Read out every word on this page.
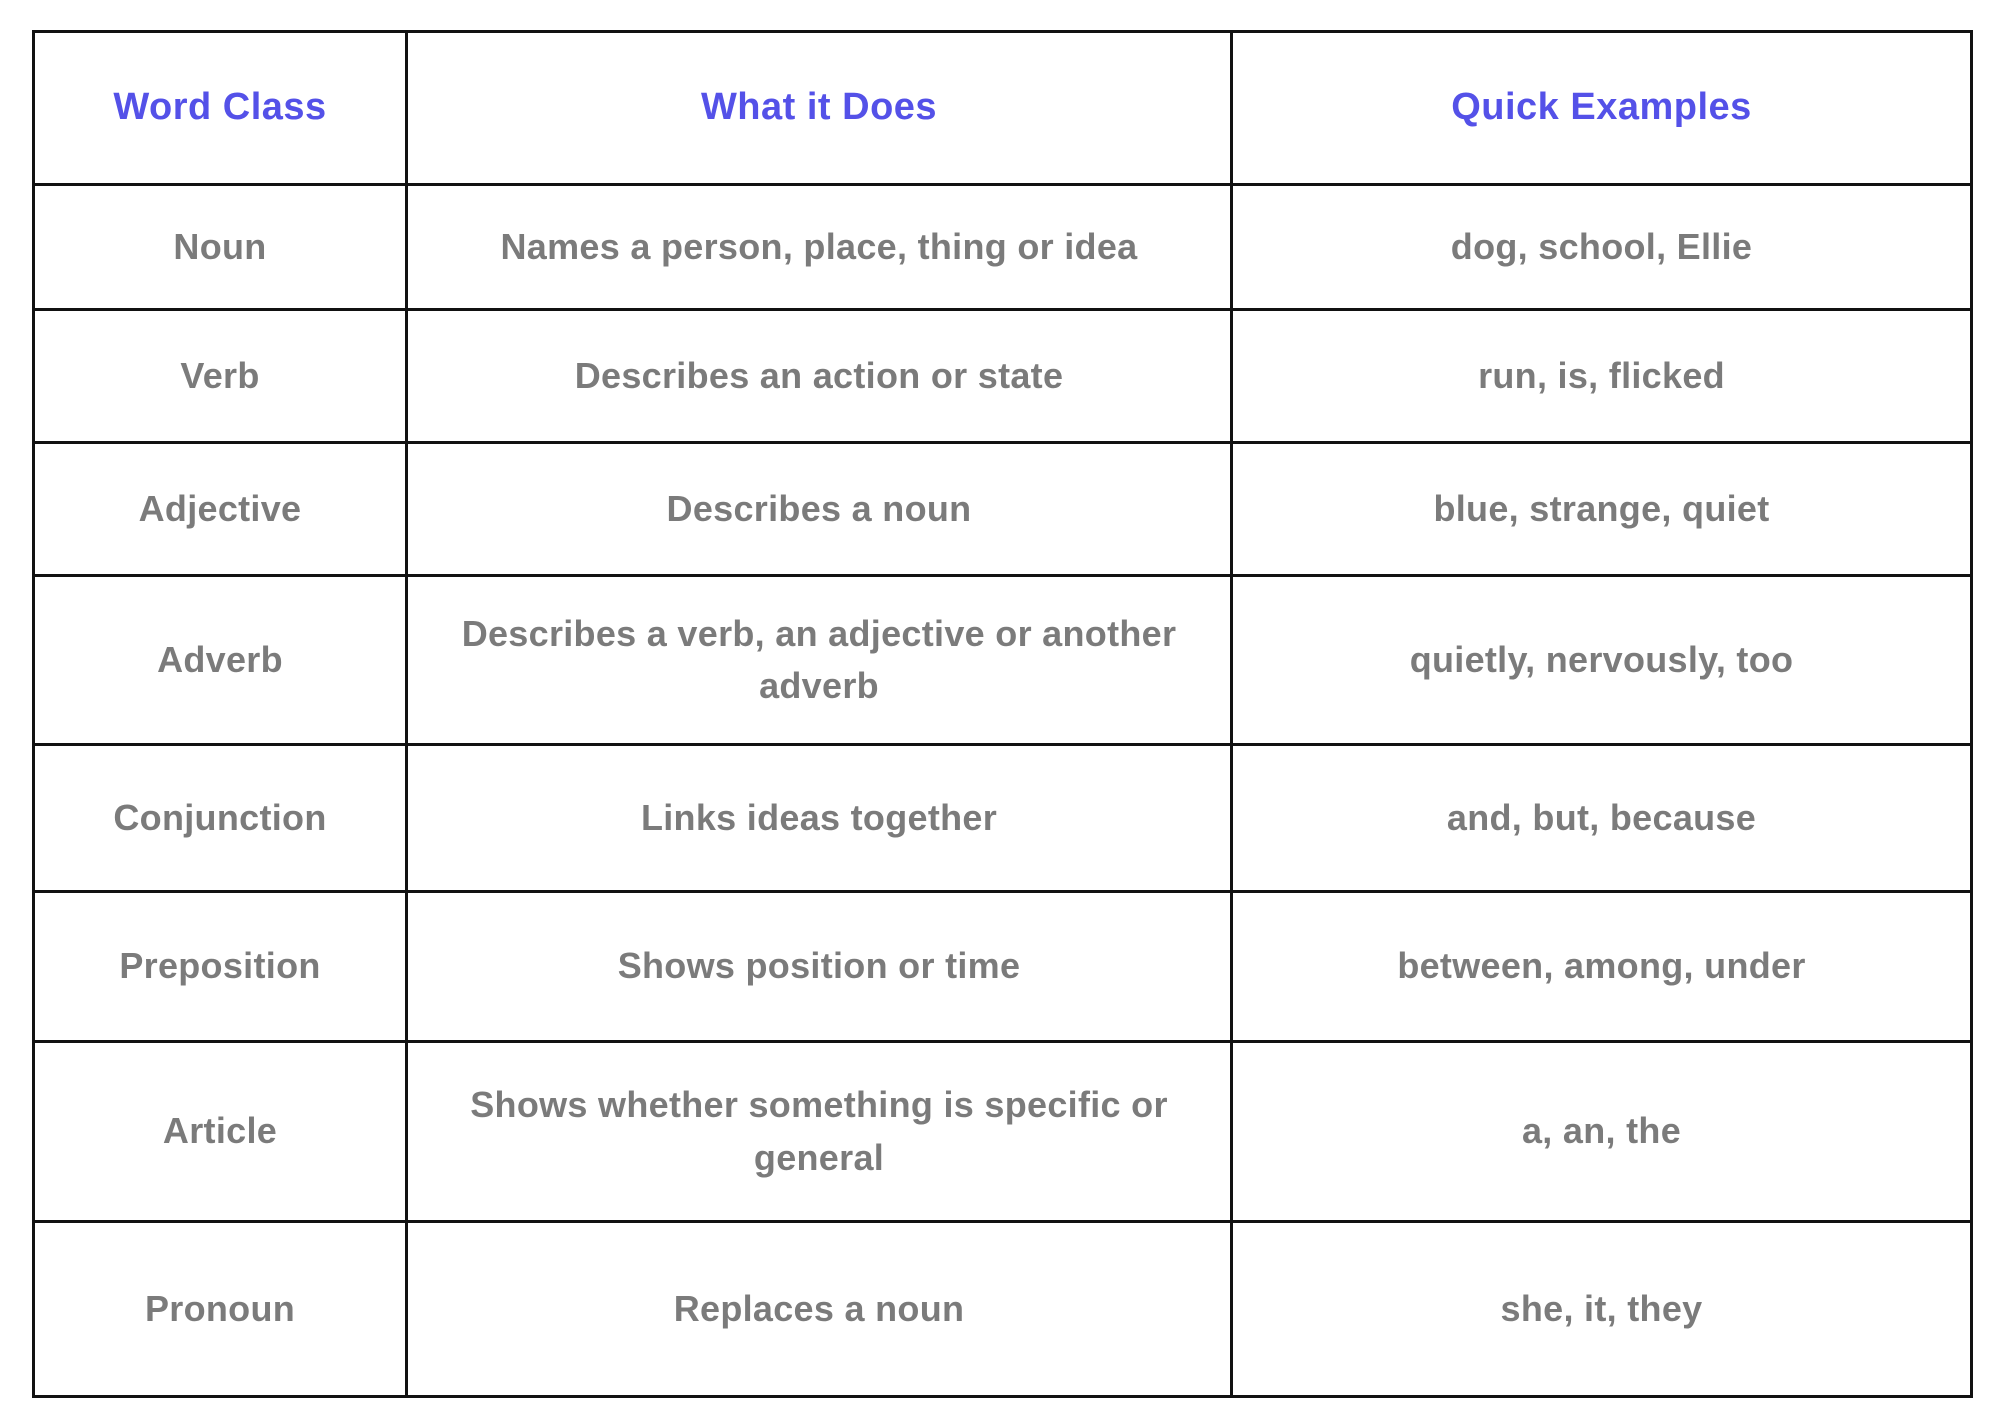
Word Class	What it Does	Quick Examples
Noun	Names a person, place, thing or idea	dog, school, Ellie
Verb	Describes an action or state	run, is, flicked
Adjective	Describes a noun	blue, strange, quiet
Adverb	Describes a verb, an adjective or another adverb	quietly, nervously, too
Conjunction	Links ideas together	and, but, because
Preposition	Shows position or time	between, among, under
Article	Shows whether something is specific or general	a, an, the
Pronoun	Replaces a noun	she, it, they
